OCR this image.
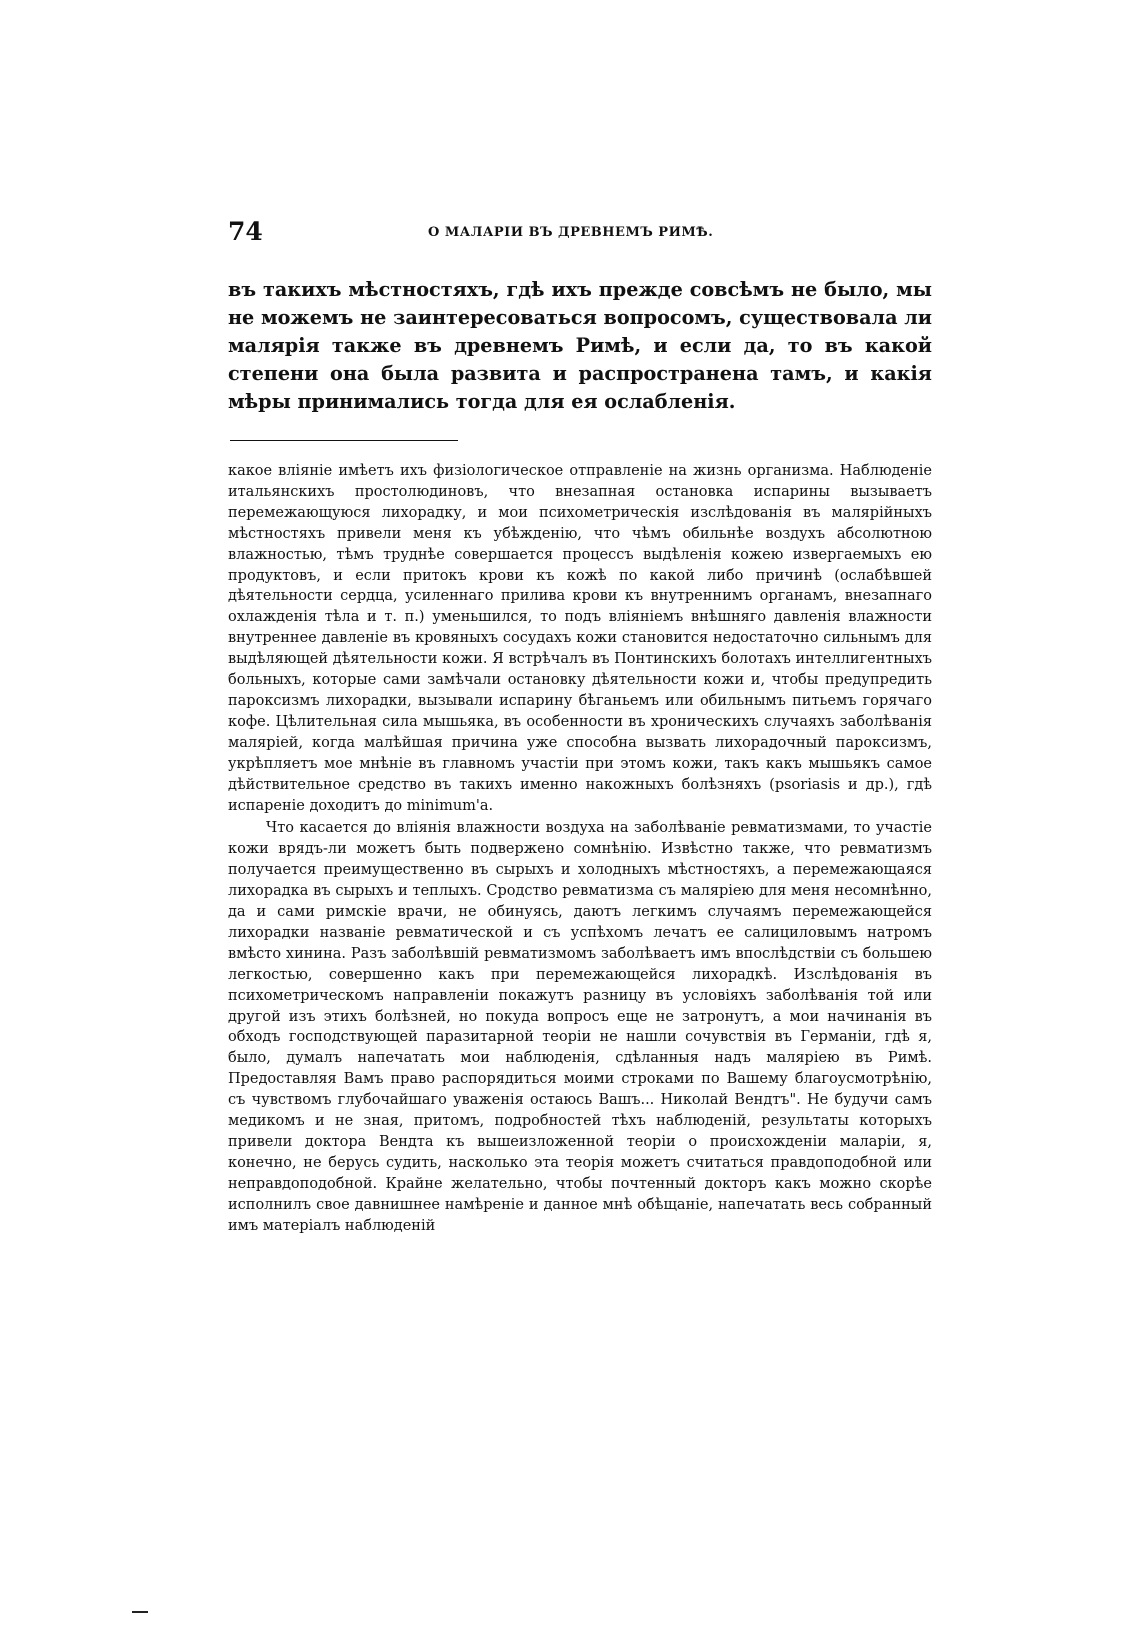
74	О МАЛАРІИ ВЪ ДРЕВНЕМЪ РИМѢ.

въ такихъ мѣстностяхъ, гдѣ ихъ прежде совсѣмъ не было, мы не можемъ не заинтересоваться вопросомъ, существовала ли малярія также въ древнемъ Римѣ, и если да, то въ какой степени она была развита и распространена тамъ, и какія мѣры принимались тогда для ея ослабленія.

какое вліяніе имѣетъ ихъ физіологическое отправленіе на жизнь организма. Наблюденіе итальянскихъ простолюдиновъ, что внезапная остановка испарины вызываетъ перемежающуюся лихорадку, и мои психометрическія изслѣдованія въ малярійныхъ мѣстностяхъ привели меня къ убѣжденію, что чѣмъ обильнѣе воздухъ абсолютною влажностью, тѣмъ труднѣе совершается процессъ выдѣленія кожею извергаемыхъ ею продуктовъ, и если притокъ крови къ кожѣ по какой либо причинѣ (ослабѣвшей дѣятельности сердца, усиленнаго прилива крови къ внутреннимъ органамъ, внезапнаго охлажденія тѣла и т. п.) уменьшился, то подъ вліяніемъ внѣшняго давленія влажности внутреннее давленіе въ кровяныхъ сосудахъ кожи становится недостаточно сильнымъ для выдѣляющей дѣятельности кожи. Я встрѣчалъ въ Понтинскихъ болотахъ интеллигентныхъ больныхъ, которые сами замѣчали остановку дѣятельности кожи и, чтобы предупредить пароксизмъ лихорадки, вызывали испарину бѣганьемъ или обильнымъ питьемъ горячаго кофе. Цѣлительная сила мышьяка, въ особенности въ хроническихъ случаяхъ заболѣванія маляріей, когда малѣйшая причина уже способна вызвать лихорадочный пароксизмъ, укрѣпляетъ мое мнѣніе въ главномъ участіи при этомъ кожи, такъ какъ мышьякъ самое дѣйствительное средство въ такихъ именно накожныхъ болѣзняхъ (psoriasis и др.), гдѣ испареніе доходитъ до minimum'a.

Что касается до вліянія влажности воздуха на заболѣваніе ревматизмами, то участіе кожи врядъ-ли можетъ быть подвержено сомнѣнію. Извѣстно также, что ревматизмъ получается преимущественно въ сырыхъ и холодныхъ мѣстностяхъ, а перемежающаяся лихорадка въ сырыхъ и теплыхъ. Сродство ревматизма съ маляріею для меня несомнѣнно, да и сами римскіе врачи, не обинуясь, даютъ легкимъ случаямъ перемежающейся лихорадки названіе ревматической и съ успѣхомъ лечатъ ее салициловымъ натромъ вмѣсто хинина. Разъ заболѣвшій ревматизмомъ заболѣваетъ имъ впослѣдствіи съ большею легкостью, совершенно какъ при перемежающейся лихорадкѣ. Изслѣдованія въ психометрическомъ направленіи покажутъ разницу въ условіяхъ заболѣванія той или другой изъ этихъ болѣзней, но покуда вопросъ еще не затронутъ, а мои начинанія въ обходъ господствующей паразитарной теоріи не нашли сочувствія въ Германіи, гдѣ я, было, думалъ напечатать мои наблюденія, сдѣланныя надъ маляріею въ Римѣ. Предоставляя Вамъ право распорядиться моими строками по Вашему благоусмотрѣнію, съ чувствомъ глубочайшаго уваженія остаюсь Вашъ... Николай Вендтъ". Не будучи самъ медикомъ и не зная, притомъ, подробностей тѣхъ наблюденій, результаты которыхъ привели доктора Вендта къ вышеизложенной теоріи о происхожденіи маларіи, я, конечно, не берусь судить, насколько эта теорія можетъ считаться правдоподобной или неправдоподобной. Крайне желательно, чтобы почтенный докторъ какъ можно скорѣе исполнилъ свое давнишнее намѣреніе и данное мнѣ обѣщаніе, напечатать весь собранный имъ матеріалъ наблюденій
